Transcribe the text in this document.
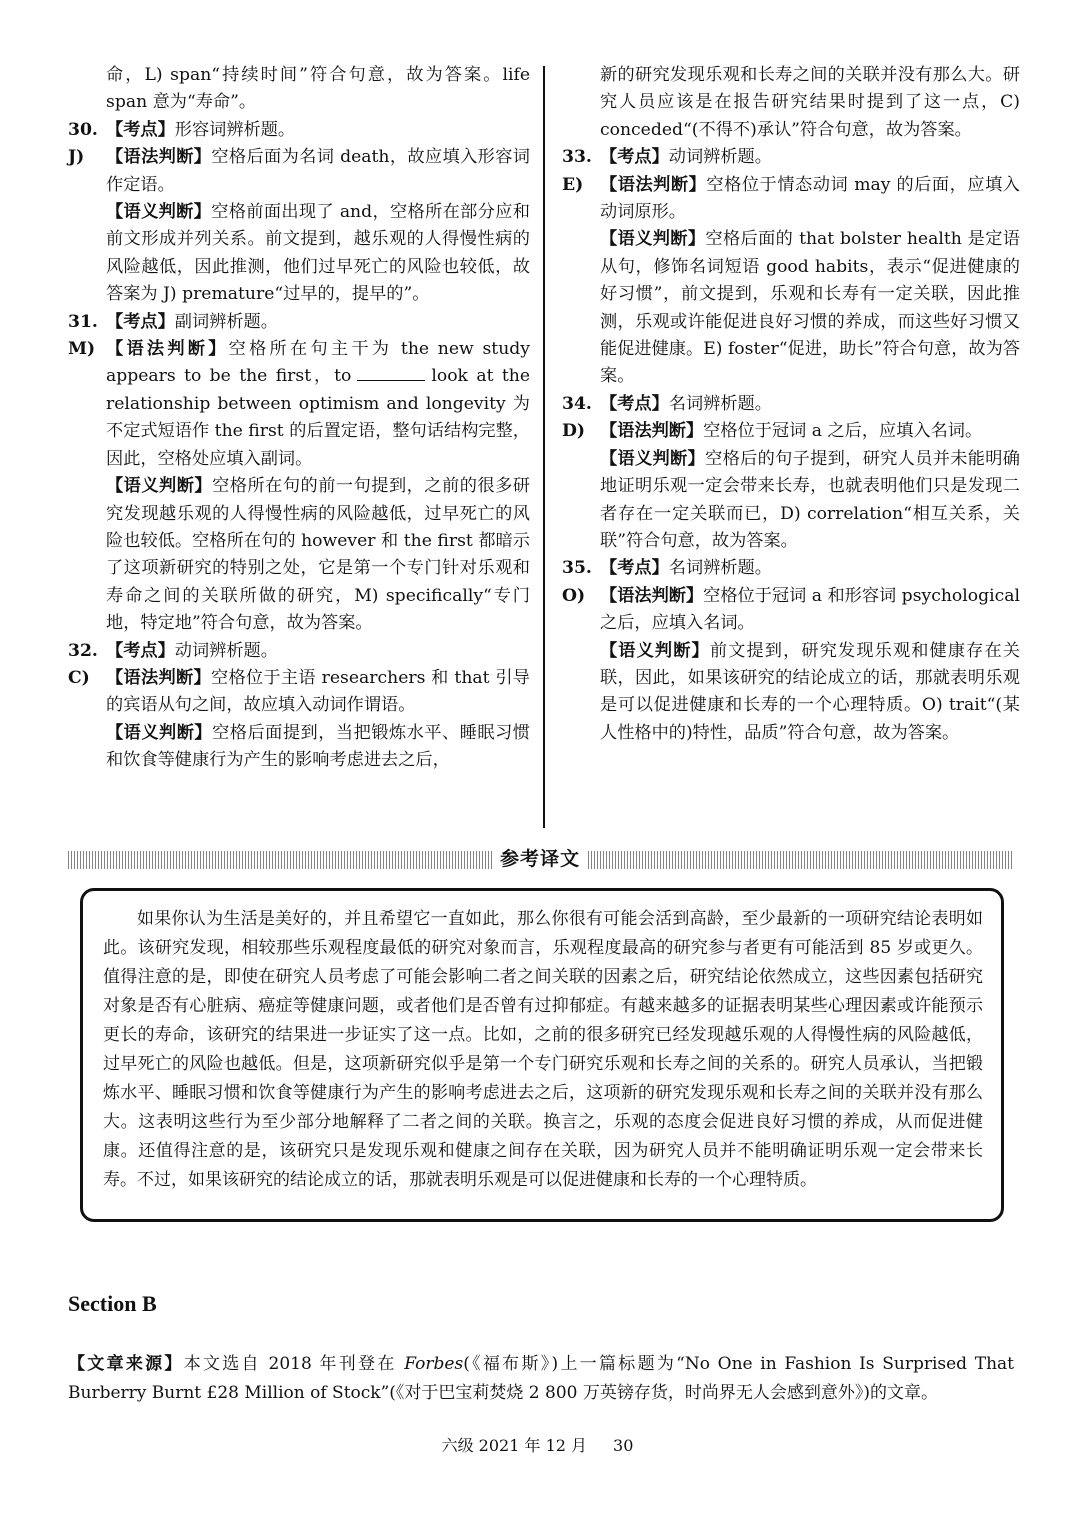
命，L) span“持续时间”符合句意，故为答案。life span 意为“寿命”。
30. 【考点】形容词辨析题。
J)	【语法判断】空格后面为名词 death，故应填入形容词作定语。
【语义判断】空格前面出现了 and，空格所在部分应和前文形成并列关系。前文提到，越乐观的人得慢性病的风险越低，因此推测，他们过早死亡的风险也较低，故答案为 J) premature“过早的，提早的”。
31. 【考点】副词辨析题。
M) 【语法判断】空格所在句主干为 the new study appears to be the first，to	look at the relationship between optimism and longevity 为不定式短语作 the first 的后置定语，整句话结构完整，因此，空格处应填入副词。
【语义判断】空格所在句的前一句提到，之前的很多研究发现越乐观的人得慢性病的风险越低，过早死亡的风险也较低。空格所在句的 however 和 the first 都暗示了这项新研究的特别之处，它是第一个专门针对乐观和寿命之间的关联所做的研究，M) specifically“专门地，特定地”符合句意，故为答案。
32. 【考点】动词辨析题。
C) 【语法判断】空格位于主语 researchers 和 that 引导的宾语从句之间，故应填入动词作谓语。
【语义判断】空格后面提到，当把锻炼水平、睡眠习惯和饮食等健康行为产生的影响考虑进去之后，
新的研究发现乐观和长寿之间的关联并没有那么大。研究人员应该是在报告研究结果时提到了这一点，C) conceded“(不得不)承认”符合句意，故为答案。
33. 【考点】动词辨析题。
E) 【语法判断】空格位于情态动词 may 的后面，应填入动词原形。
【语义判断】空格后面的 that bolster health 是定语从句，修饰名词短语 good habits，表示“促进健康的好习惯”，前文提到，乐观和长寿有一定关联，因此推测，乐观或许能促进良好习惯的养成，而这些好习惯又能促进健康。E) foster“促进，助长”符合句意，故为答案。
34. 【考点】名词辨析题。
D) 【语法判断】空格位于冠词 a 之后，应填入名词。
【语义判断】空格后的句子提到，研究人员并未能明确地证明乐观一定会带来长寿，也就表明他们只是发现二者存在一定关联而已，D) correlation“相互关系，关联”符合句意，故为答案。
35. 【考点】名词辨析题。
O) 【语法判断】空格位于冠词 a 和形容词 psychological 之后，应填入名词。
【语义判断】前文提到，研究发现乐观和健康存在关联，因此，如果该研究的结论成立的话，那就表明乐观是可以促进健康和长寿的一个心理特质。O) trait“(某人性格中的)特性，品质”符合句意，故为答案。
参考译文

如果你认为生活是美好的，并且希望它一直如此，那么你很有可能会活到高龄，至少最新的一项研究结论表明如此。该研究发现，相较那些乐观程度最低的研究对象而言，乐观程度最高的研究参与者更有可能活到 85 岁或更久。值得注意的是，即使在研究人员考虑了可能会影响二者之间关联的因素之后，研究结论依然成立，这些因素包括研究对象是否有心脏病、癌症等健康问题，或者他们是否曾有过抑郁症。有越来越多的证据表明某些心理因素或许能预示更长的寿命，该研究的结果进一步证实了这一点。比如，之前的很多研究已经发现越乐观的人得慢性病的风险越低，过早死亡的风险也越低。但是，这项新研究似乎是第一个专门研究乐观和长寿之间的关系的。研究人员承认，当把锻炼水平、睡眠习惯和饮食等健康行为产生的影响考虑进去之后，这项新的研究发现乐观和长寿之间的关联并没有那么大。这表明这些行为至少部分地解释了二者之间的关联。换言之，乐观的态度会促进良好习惯的养成，从而促进健康。还值得注意的是，该研究只是发现乐观和健康之间存在关联，因为研究人员并不能明确证明乐观一定会带来长寿。不过，如果该研究的结论成立的话，那就表明乐观是可以促进健康和长寿的一个心理特质。

Section B
【文章来源】本文选自 2018 年刊登在 Forbes(《福布斯》)上一篇标题为“No One in Fashion Is Surprised That Burberry Burnt £28 Million of Stock”(《对于巴宝莉焚烧 2 800 万英镑存货，时尚界无人会感到意外》)的文章。
六级 2021 年 12 月 30
